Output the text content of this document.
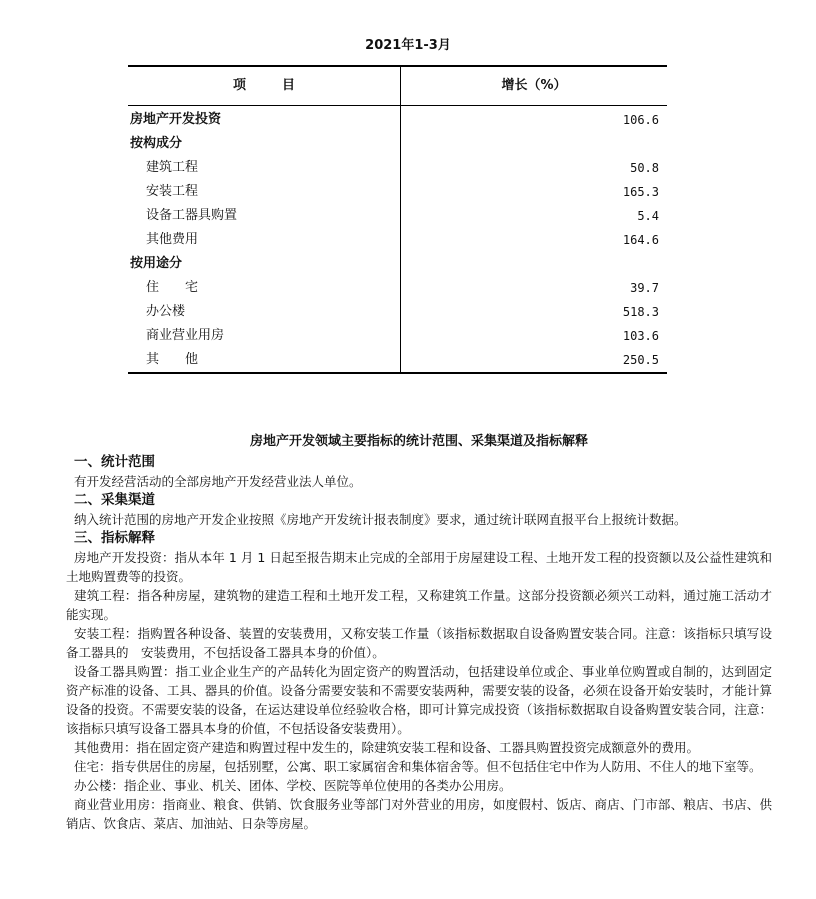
2021年1-3月
项	目	增长（%）
房地产开发投资
按构成分
建筑工程
安装工程
设备工器具购置
其他费用
按用途分
住　　宅
办公楼
商业营业用房
其　　他
106.6
50.8
165.3
5.4
164.6
39.7
518.3
103.6
250.5
房地产开发领域主要指标的统计范围、采集渠道及指标解释
一、统计范围
有开发经营活动的全部房地产开发经营业法人单位。
二、采集渠道
纳入统计范围的房地产开发企业按照《房地产开发统计报表制度》要求，通过统计联网直报平台上报统计数据。
三、指标解释
房地产开发投资：指从本年 1 月 1 日起至报告期末止完成的全部用于房屋建设工程、土地开发工程的投资额以及公益性建筑和土地购置费等的投资。
建筑工程：指各种房屋，建筑物的建造工程和土地开发工程，又称建筑工作量。这部分投资额必须兴工动料，通过施工活动才能实现。
安装工程：指购置各种设备、装置的安装费用，又称安装工作量（该指标数据取自设备购置安装合同。注意：该指标只填写设备工器具的　安装费用，不包括设备工器具本身的价值）。
设备工器具购置：指工业企业生产的产品转化为固定资产的购置活动，包括建设单位或企、事业单位购置或自制的，达到固定资产标准的设备、工具、器具的价值。设备分需要安装和不需要安装两种，需要安装的设备，必须在设备开始安装时，才能计算设备的投资。不需要安装的设备，在运达建设单位经验收合格，即可计算完成投资（该指标数据取自设备购置安装合同，注意：该指标只填写设备工器具本身的价值，不包括设备安装费用）。
其他费用：指在固定资产建造和购置过程中发生的，除建筑安装工程和设备、工器具购置投资完成额意外的费用。
住宅：指专供居住的房屋，包括别墅，公寓、职工家属宿舍和集体宿舍等。但不包括住宅中作为人防用、不住人的地下室等。
办公楼：指企业、事业、机关、团体、学校、医院等单位使用的各类办公用房。
商业营业用房：指商业、粮食、供销、饮食服务业等部门对外营业的用房，如度假村、饭店、商店、门市部、粮店、书店、供销店、饮食店、菜店、加油站、日杂等房屋。
